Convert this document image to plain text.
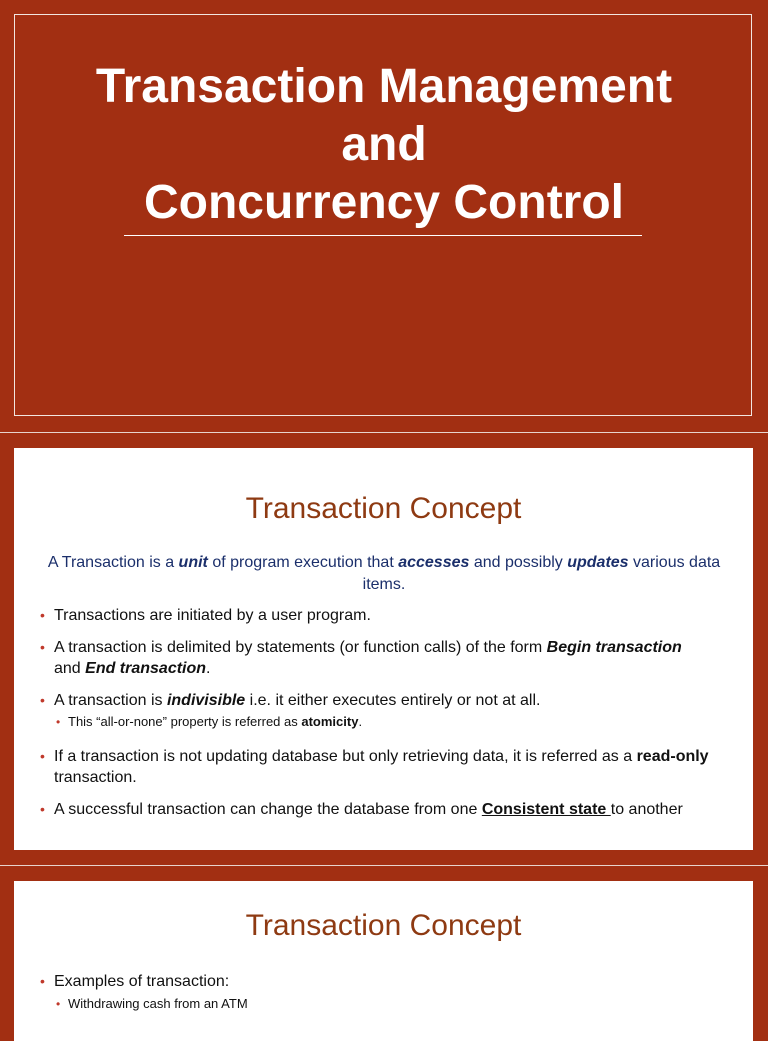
Transaction Management
and
Concurrency Control
Transaction Concept
A Transaction is a unit of program execution that accesses and possibly updates various data items.
• Transactions are initiated by a user program.
• A transaction is delimited by statements (or function calls) of the form Begin transaction and End transaction.
• A transaction is indivisible i.e. it either executes entirely or not at all.
• This “all-or-none” property is referred as atomicity.
• If a transaction is not updating database but only retrieving data, it is referred as a read-only transaction.
• A successful transaction can change the database from one Consistent state to another
Transaction Concept
• Examples of transaction:
• Withdrawing cash from an ATM
